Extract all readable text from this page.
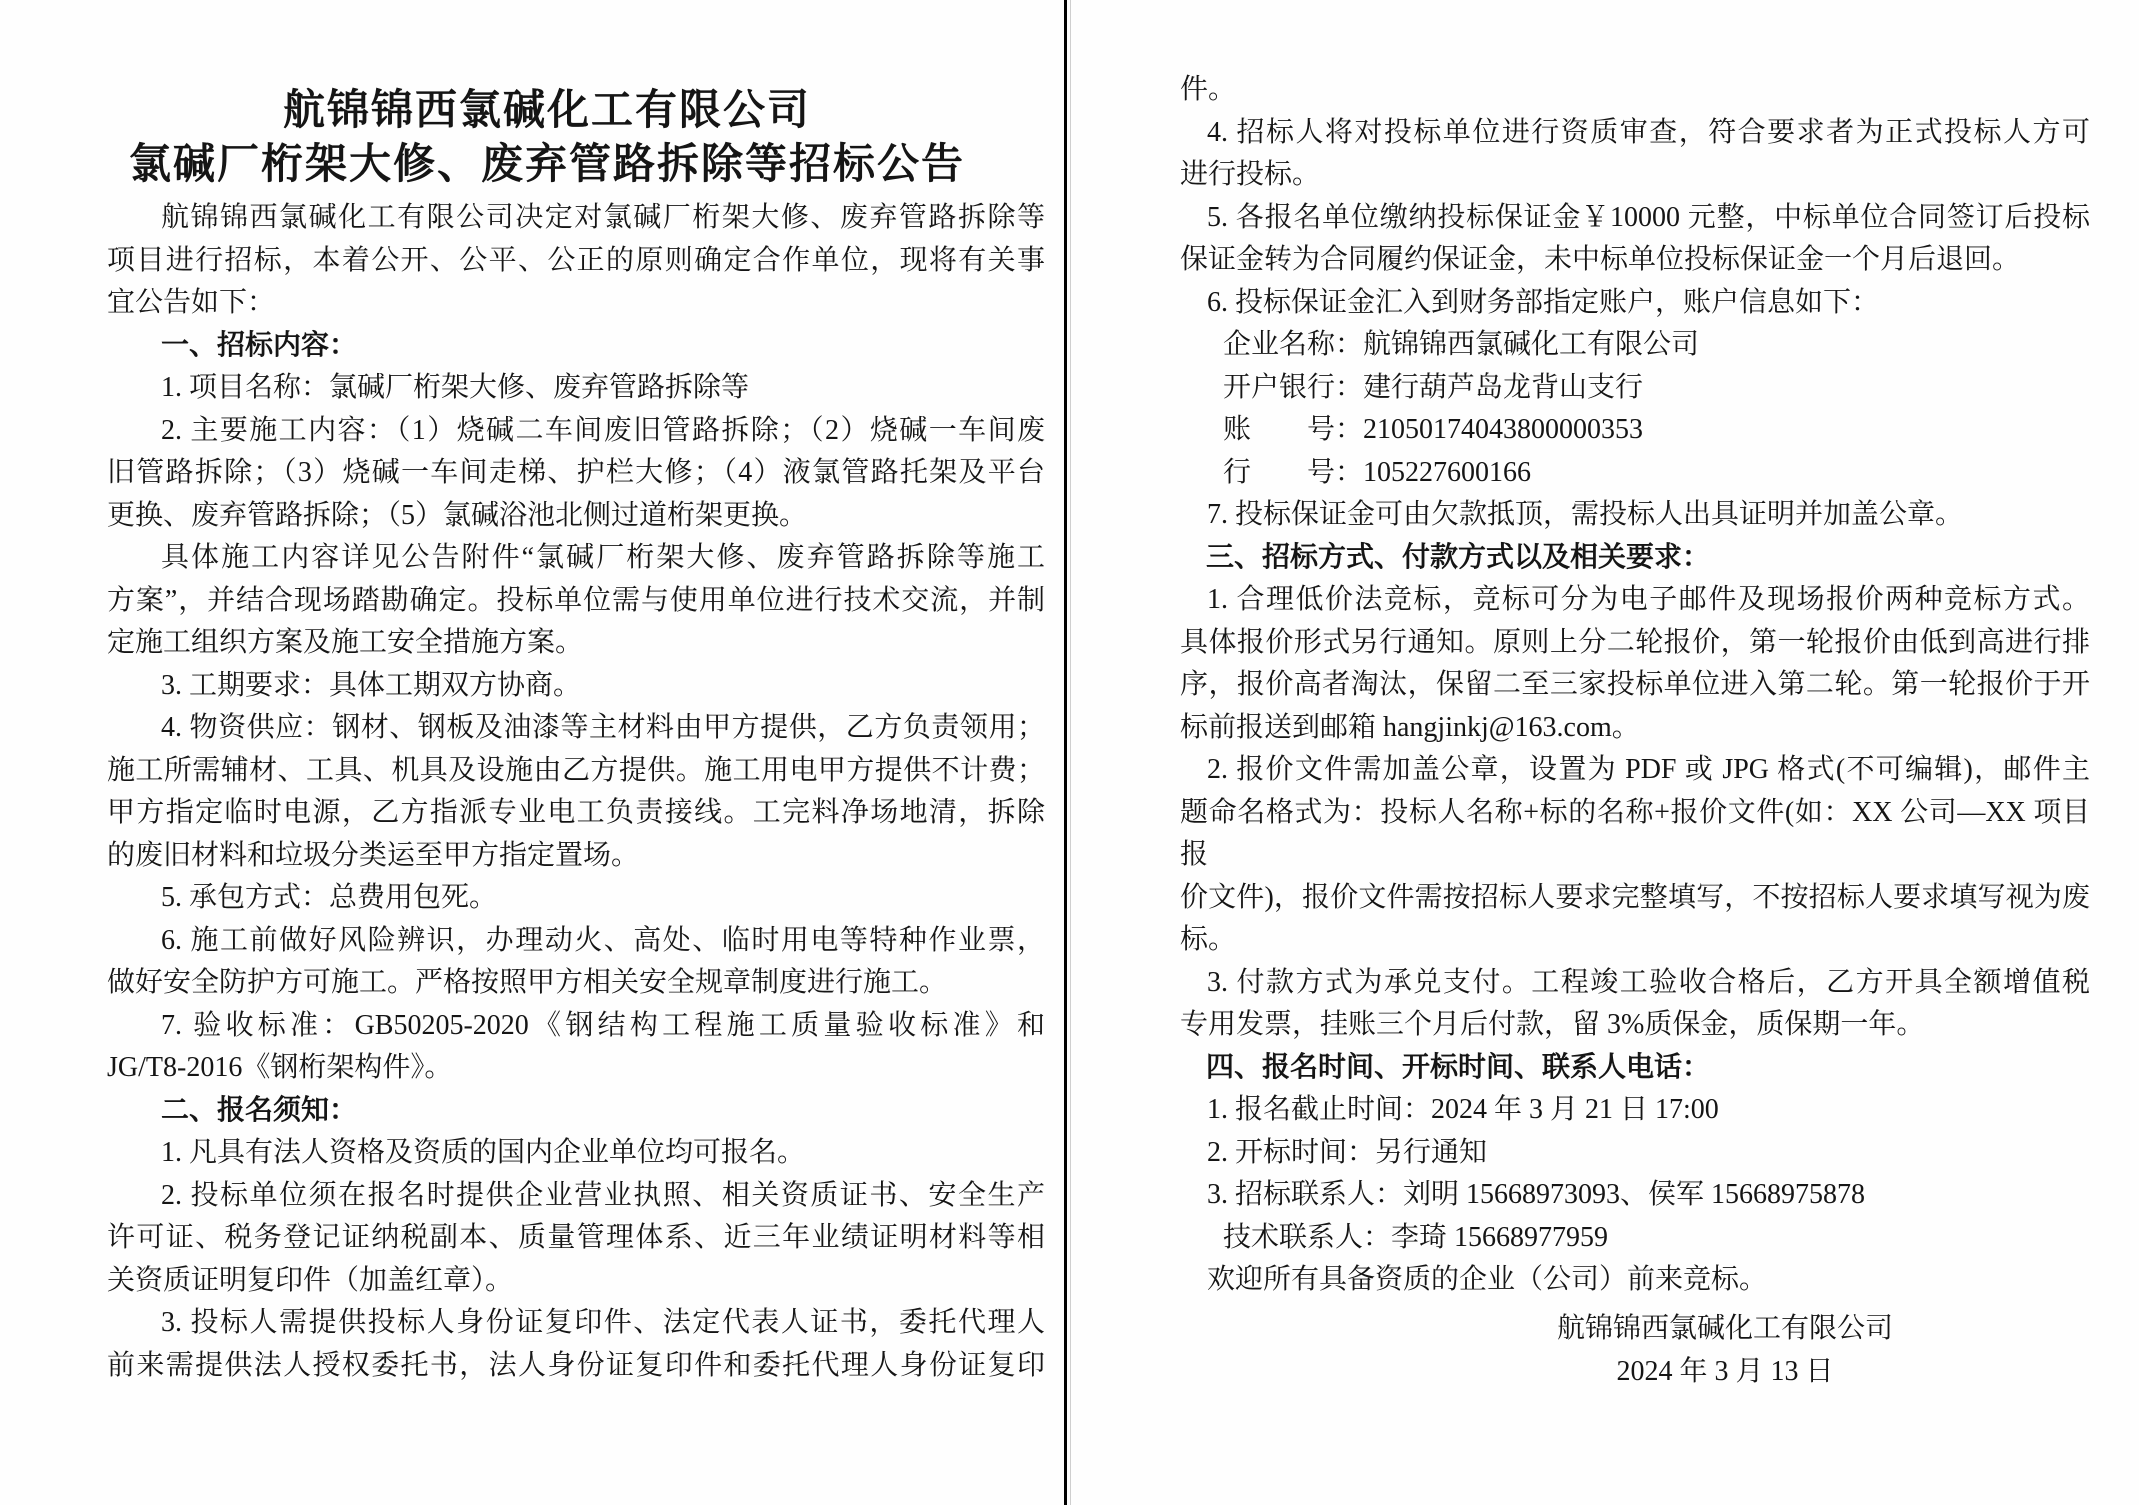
航锦锦西氯碱化工有限公司
氯碱厂桁架大修、废弃管路拆除等招标公告
航锦锦西氯碱化工有限公司决定对氯碱厂桁架大修、废弃管路拆除等
项目进行招标，本着公开、公平、公正的原则确定合作单位，现将有关事
宜公告如下：
一、招标内容：
1. 项目名称：氯碱厂桁架大修、废弃管路拆除等
2. 主要施工内容：（1）烧碱二车间废旧管路拆除；（2）烧碱一车间废
旧管路拆除；（3）烧碱一车间走梯、护栏大修；（4）液氯管路托架及平台
更换、废弃管路拆除；（5）氯碱浴池北侧过道桁架更换。
具体施工内容详见公告附件“氯碱厂桁架大修、废弃管路拆除等施工
方案”，并结合现场踏勘确定。投标单位需与使用单位进行技术交流，并制
定施工组织方案及施工安全措施方案。
3. 工期要求：具体工期双方协商。
4. 物资供应：钢材、钢板及油漆等主材料由甲方提供，乙方负责领用；
施工所需辅材、工具、机具及设施由乙方提供。施工用电甲方提供不计费；
甲方指定临时电源，乙方指派专业电工负责接线。工完料净场地清，拆除
的废旧材料和垃圾分类运至甲方指定置场。
5. 承包方式：总费用包死。
6. 施工前做好风险辨识，办理动火、高处、临时用电等特种作业票，
做好安全防护方可施工。严格按照甲方相关安全规章制度进行施工。
7. 验收标准：GB50205-2020《钢结构工程施工质量验收标准》和
JG/T8-2016《钢桁架构件》。
二、报名须知：
1. 凡具有法人资格及资质的国内企业单位均可报名。
2. 投标单位须在报名时提供企业营业执照、相关资质证书、安全生产
许可证、税务登记证纳税副本、质量管理体系、近三年业绩证明材料等相
关资质证明复印件（加盖红章）。
3. 投标人需提供投标人身份证复印件、法定代表人证书，委托代理人
前来需提供法人授权委托书，法人身份证复印件和委托代理人身份证复印
件。
4. 招标人将对投标单位进行资质审查，符合要求者为正式投标人方可
进行投标。
5. 各报名单位缴纳投标保证金￥10000 元整，中标单位合同签订后投标
保证金转为合同履约保证金，未中标单位投标保证金一个月后退回。
6. 投标保证金汇入到财务部指定账户，账户信息如下：
企业名称：航锦锦西氯碱化工有限公司
开户银行：建行葫芦岛龙背山支行
账　　号：21050174043800000353
行　　号：105227600166
7. 投标保证金可由欠款抵顶，需投标人出具证明并加盖公章。
三、招标方式、付款方式以及相关要求：
1. 合理低价法竞标，竞标可分为电子邮件及现场报价两种竞标方式。
具体报价形式另行通知。原则上分二轮报价，第一轮报价由低到高进行排
序，报价高者淘汰，保留二至三家投标单位进入第二轮。第一轮报价于开
标前报送到邮箱 hangjinkj@163.com。
2. 报价文件需加盖公章，设置为 PDF 或 JPG 格式(不可编辑)，邮件主
题命名格式为：投标人名称+标的名称+报价文件(如：XX 公司—XX 项目报
价文件)，报价文件需按招标人要求完整填写，不按招标人要求填写视为废
标。
3. 付款方式为承兑支付。工程竣工验收合格后，乙方开具全额增值税
专用发票，挂账三个月后付款，留 3%质保金，质保期一年。
四、报名时间、开标时间、联系人电话：
1. 报名截止时间：2024 年 3 月 21 日 17:00
2. 开标时间：另行通知
3. 招标联系人：刘明 15668973093、侯军 15668975878
技术联系人：李琦 15668977959
欢迎所有具备资质的企业（公司）前来竞标。
航锦锦西氯碱化工有限公司
2024 年 3 月 13 日
